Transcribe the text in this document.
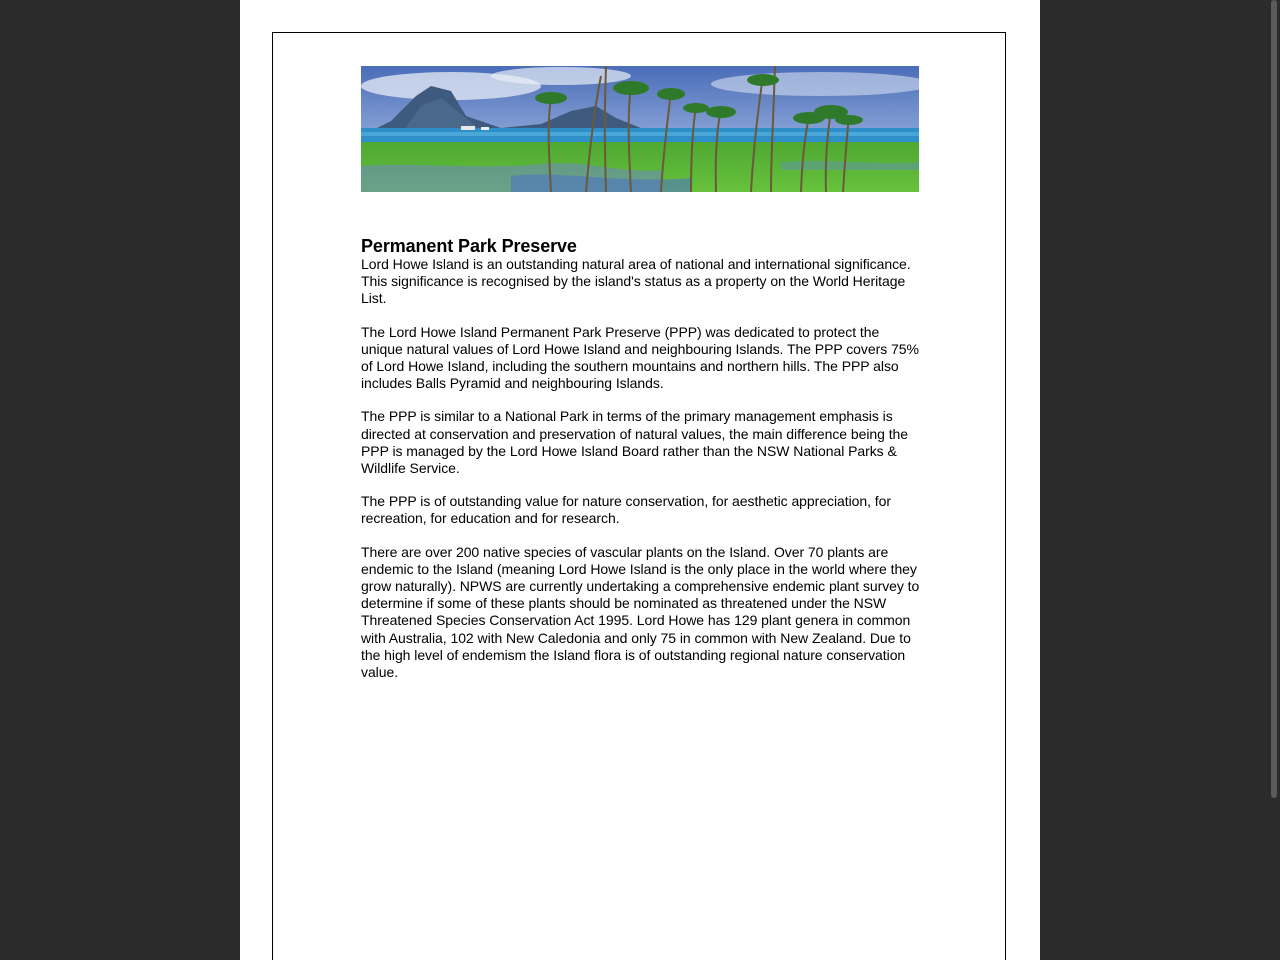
Permanent Park Preserve

Lord Howe Island is an outstanding natural area of national and international significance. This significance is recognised by the island's status as a property on the World Heritage List.

The Lord Howe Island Permanent Park Preserve (PPP) was dedicated to protect the unique natural values of Lord Howe Island and neighbouring Islands. The PPP covers 75% of Lord Howe Island, including the southern mountains and northern hills. The PPP also includes Balls Pyramid and neighbouring Islands.

The PPP is similar to a National Park in terms of the primary management emphasis is directed at conservation and preservation of natural values, the main difference being the PPP is managed by the Lord Howe Island Board rather than the NSW National Parks & Wildlife Service.

The PPP is of outstanding value for nature conservation, for aesthetic appreciation, for recreation, for education and for research.

There are over 200 native species of vascular plants on the Island. Over 70 plants are endemic to the Island (meaning Lord Howe Island is the only place in the world where they grow naturally). NPWS are currently undertaking a comprehensive endemic plant survey to determine if some of these plants should be nominated as threatened under the NSW Threatened Species Conservation Act 1995. Lord Howe has 129 plant genera in common with Australia, 102 with New Caledonia and only 75 in common with New Zealand. Due to the high level of endemism the Island flora is of outstanding regional nature conservation value.
